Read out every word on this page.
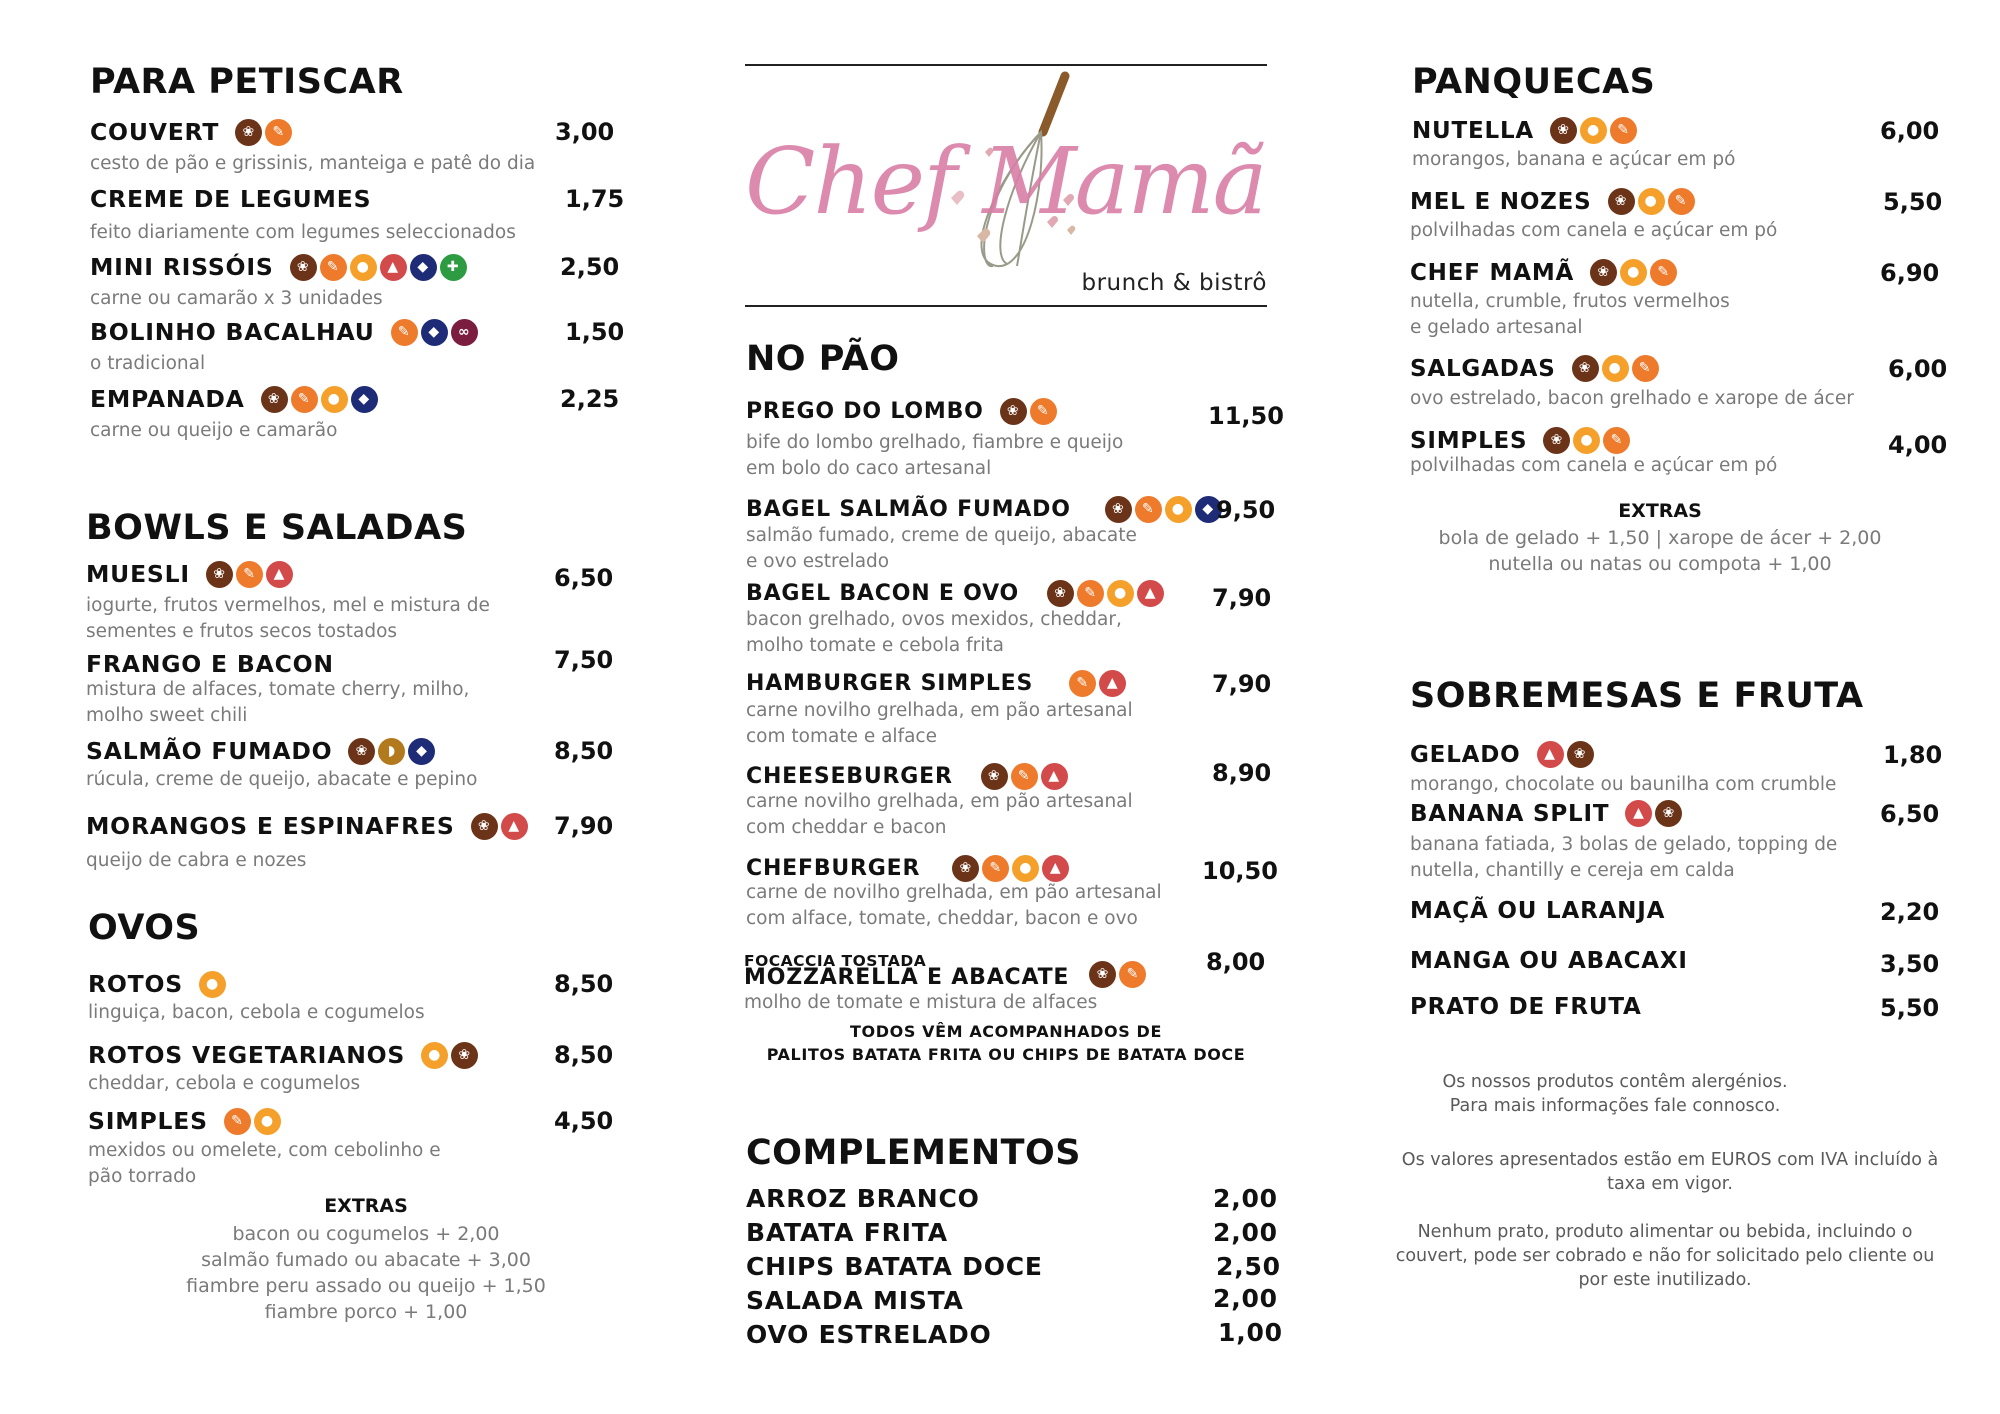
PARA PETISCAR
COUVERT	❀	✎	3,00
cesto de pão e grissinis, manteiga e patê do dia
CREME DE LEGUMES	1,75
feito diariamente com legumes seleccionados
MINI RISSÓIS	❀	✎	●	▲	◆	✚	2,50
carne ou camarão x 3 unidades
BOLINHO BACALHAU	✎	◆	∞	1,50
o tradicional
EMPANADA	❀	✎	●	◆	2,25
carne ou queijo e camarão
BOWLS E SALADAS
MUESLI	❀	✎	▲	6,50
iogurte, frutos vermelhos, mel e mistura de
sementes e frutos secos tostados
FRANGO E BACON	7,50
mistura de alfaces, tomate cherry, milho,
molho sweet chili
SALMÃO FUMADO	❀	◗	◆	8,50
rúcula, creme de queijo, abacate e pepino
MORANGOS E ESPINAFRES	❀	▲	7,90
queijo de cabra e nozes
OVOS
ROTOS	●	8,50
linguiça, bacon, cebola e cogumelos
ROTOS VEGETARIANOS	●	❀	8,50
cheddar, cebola e cogumelos
SIMPLES	✎	●	4,50
mexidos ou omelete, com cebolinho e
pão torrado
EXTRAS
bacon ou cogumelos + 2,00
salmão fumado ou abacate + 3,00
fiambre peru assado ou queijo + 1,50
fiambre porco + 1,00
Chef Mamã
brunch & bistrô
NO PÃO
PREGO DO LOMBO	❀	✎	11,50
bife do lombo grelhado, fiambre e queijo
em bolo do caco artesanal
BAGEL SALMÃO FUMADO	❀	✎	●	◆ 9,50
salmão fumado, creme de queijo, abacate
e ovo estrelado
BAGEL BACON E OVO	❀	✎	●	▲	7,90
bacon grelhado, ovos mexidos, cheddar,
molho tomate e cebola frita
HAMBURGER SIMPLES	✎	▲	7,90
carne novilho grelhada, em pão artesanal
com tomate e alface
CHEESEBURGER	❀	✎	▲	8,90
carne novilho grelhada, em pão artesanal
com cheddar e bacon
CHEFBURGER	❀	✎	●	▲	10,50
carne de novilho grelhada, em pão artesanal
com alface, tomate, cheddar, bacon e ovo
FOCACCIA TOSTADA
MOZZARELLA E ABACATE	❀	✎	8,00
molho de tomate e mistura de alfaces
TODOS VÊM ACOMPANHADOS DE
PALITOS BATATA FRITA OU CHIPS DE BATATA DOCE
COMPLEMENTOS
ARROZ BRANCO	2,00
BATATA FRITA	2,00
CHIPS BATATA DOCE	2,50
SALADA MISTA	2,00
OVO ESTRELADO	1,00
PANQUECAS
NUTELLA	❀	●	✎	6,00
morangos, banana e açúcar em pó
MEL E NOZES	❀	●	✎	5,50
polvilhadas com canela e açúcar em pó
CHEF MAMÃ	❀	●	✎	6,90
nutella, crumble, frutos vermelhos
e gelado artesanal
SALGADAS	❀	●	✎	6,00
ovo estrelado, bacon grelhado e xarope de ácer
SIMPLES	❀	●	✎	4,00
polvilhadas com canela e açúcar em pó
EXTRAS
bola de gelado + 1,50 | xarope de ácer + 2,00
nutella ou natas ou compota + 1,00
SOBREMESAS E FRUTA
GELADO	▲	❀	1,80
morango, chocolate ou baunilha com crumble
BANANA SPLIT	▲	❀	6,50
banana fatiada, 3 bolas de gelado, topping de
nutella, chantilly e cereja em calda
MAÇÃ OU LARANJA	2,20
MANGA OU ABACAXI	3,50
PRATO DE FRUTA	5,50
Os nossos produtos contêm alergénios. Para mais informações fale connosco.
Os valores apresentados estão em EUROS com IVA incluído à taxa em vigor.
Nenhum prato, produto alimentar ou bebida, incluindo o couvert, pode ser cobrado e não for solicitado pelo cliente ou por este inutilizado.
